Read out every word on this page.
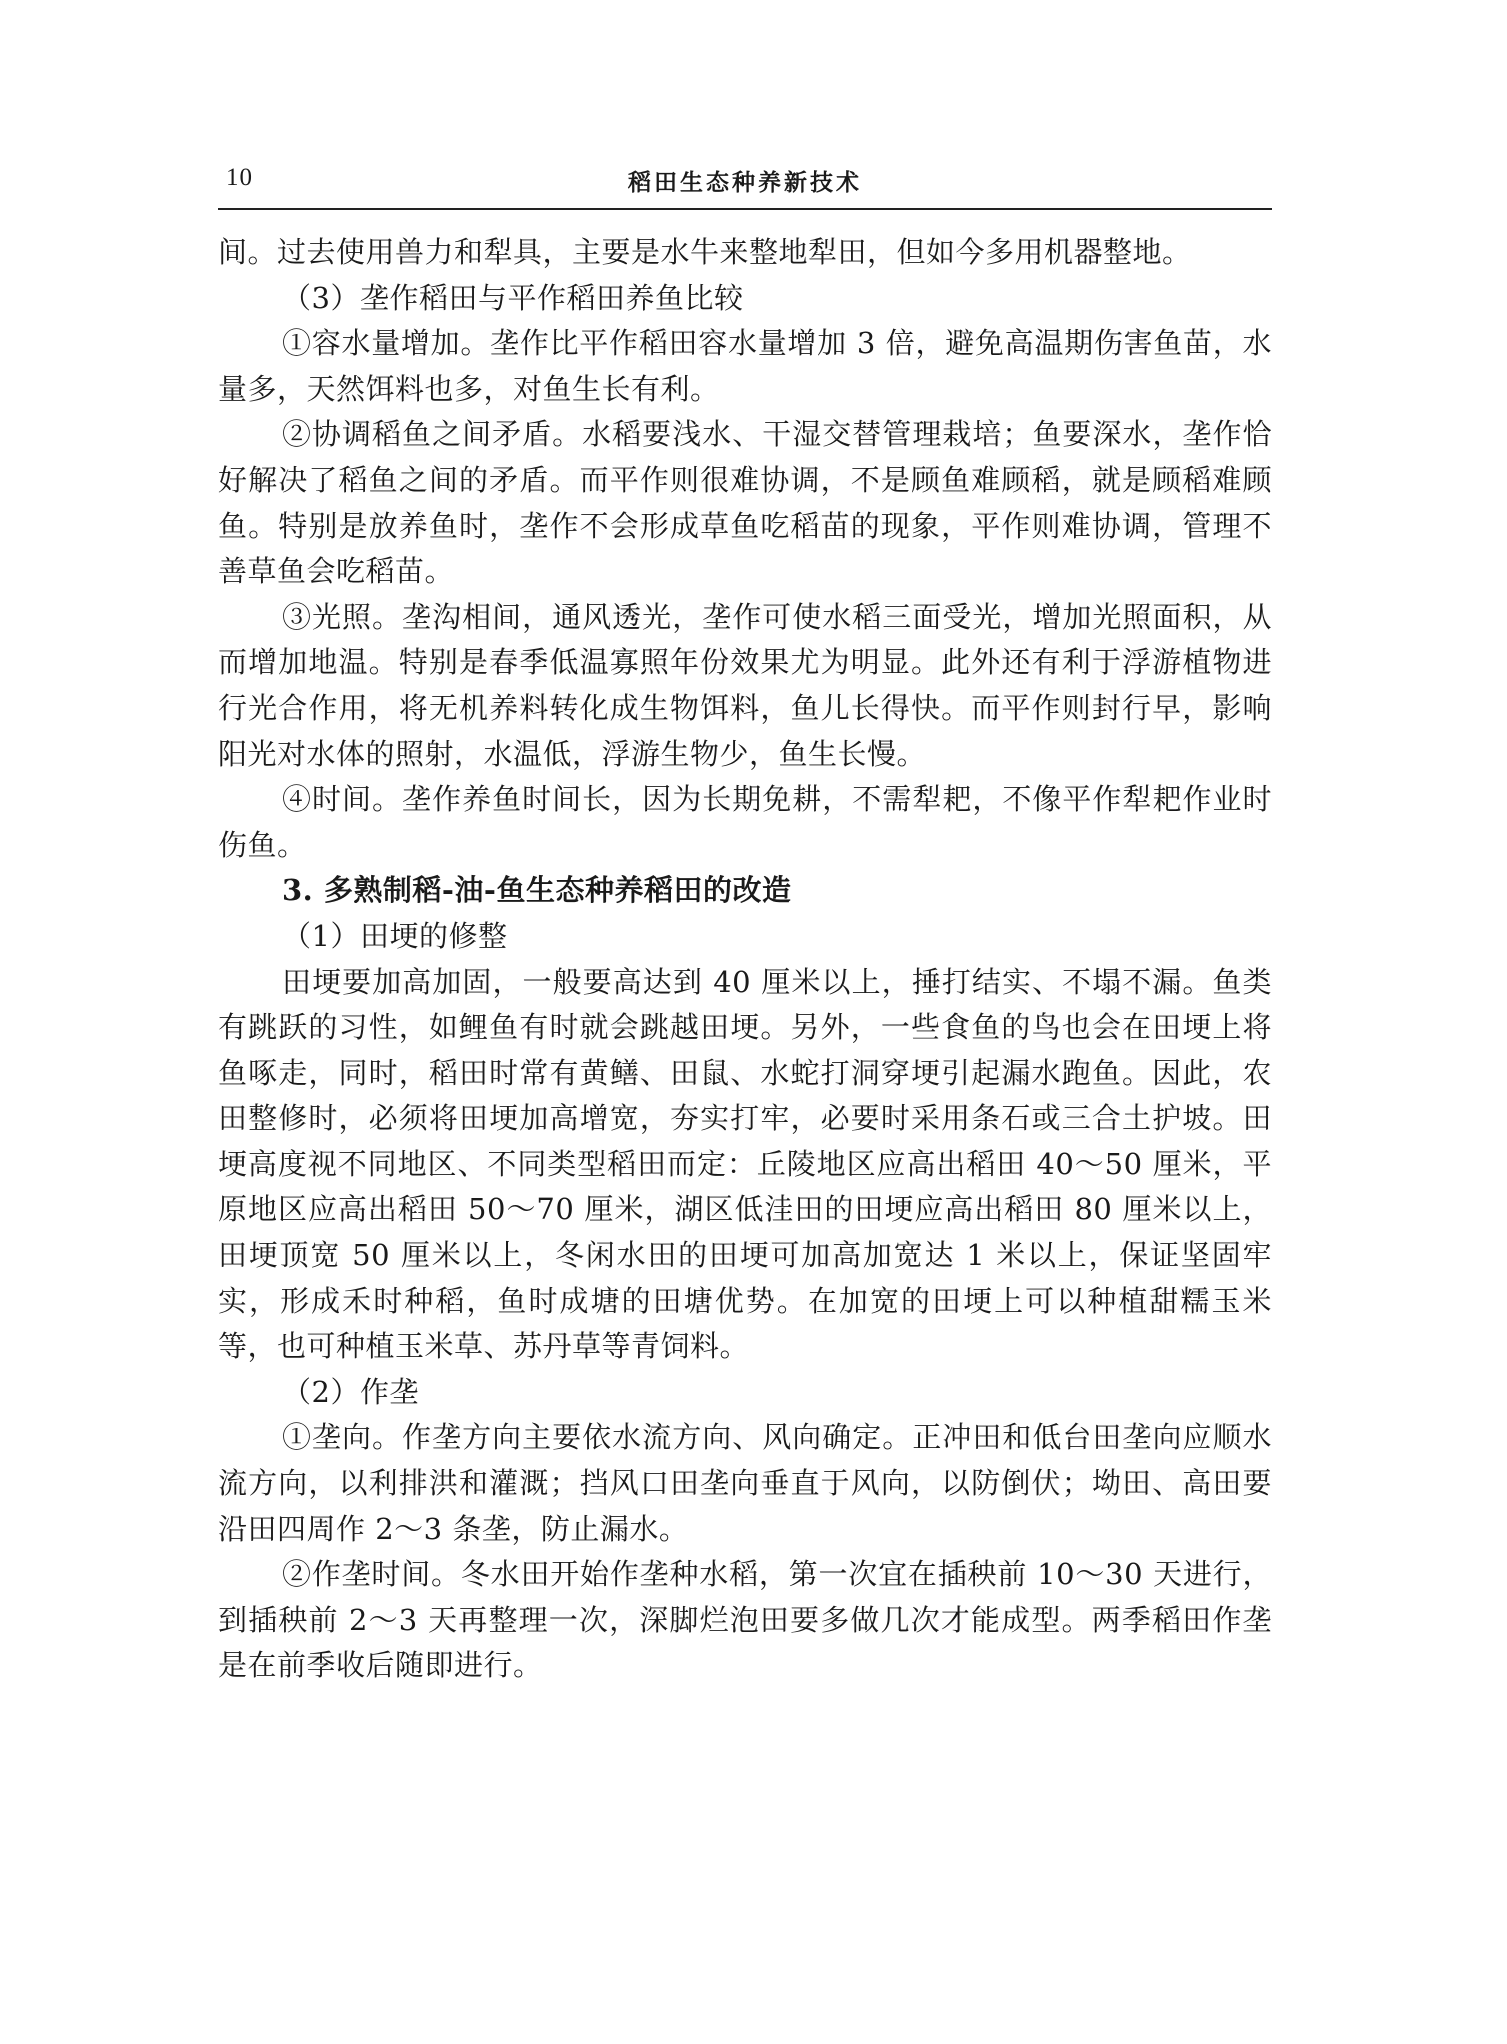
10	稻田生态种养新技术

间。过去使用兽力和犁具，主要是水牛来整地犁田，但如今多用机器整地。

（3）垄作稻田与平作稻田养鱼比较

①容水量增加。垄作比平作稻田容水量增加 3 倍，避免高温期伤害鱼苗，水量多，天然饵料也多，对鱼生长有利。

②协调稻鱼之间矛盾。水稻要浅水、干湿交替管理栽培；鱼要深水，垄作恰好解决了稻鱼之间的矛盾。而平作则很难协调，不是顾鱼难顾稻，就是顾稻难顾鱼。特别是放养鱼时，垄作不会形成草鱼吃稻苗的现象，平作则难协调，管理不善草鱼会吃稻苗。

③光照。垄沟相间，通风透光，垄作可使水稻三面受光，增加光照面积，从而增加地温。特别是春季低温寡照年份效果尤为明显。此外还有利于浮游植物进行光合作用，将无机养料转化成生物饵料，鱼儿长得快。而平作则封行早，影响阳光对水体的照射，水温低，浮游生物少，鱼生长慢。

④时间。垄作养鱼时间长，因为长期免耕，不需犁耙，不像平作犁耙作业时伤鱼。

3. 多熟制稻-油-鱼生态种养稻田的改造

（1）田埂的修整

田埂要加高加固，一般要高达到 40 厘米以上，捶打结实、不塌不漏。鱼类有跳跃的习性，如鲤鱼有时就会跳越田埂。另外，一些食鱼的鸟也会在田埂上将鱼啄走，同时，稻田时常有黄鳝、田鼠、水蛇打洞穿埂引起漏水跑鱼。因此，农田整修时，必须将田埂加高增宽，夯实打牢，必要时采用条石或三合土护坡。田埂高度视不同地区、不同类型稻田而定：丘陵地区应高出稻田 40～50 厘米，平原地区应高出稻田 50～70 厘米，湖区低洼田的田埂应高出稻田 80 厘米以上，田埂顶宽 50 厘米以上，冬闲水田的田埂可加高加宽达 1 米以上，保证坚固牢实，形成禾时种稻，鱼时成塘的田塘优势。在加宽的田埂上可以种植甜糯玉米等，也可种植玉米草、苏丹草等青饲料。

（2）作垄

①垄向。作垄方向主要依水流方向、风向确定。正冲田和低台田垄向应顺水流方向，以利排洪和灌溉；挡风口田垄向垂直于风向，以防倒伏；坳田、高田要沿田四周作 2～3 条垄，防止漏水。

②作垄时间。冬水田开始作垄种水稻，第一次宜在插秧前 10～30 天进行，到插秧前 2～3 天再整理一次，深脚烂泡田要多做几次才能成型。两季稻田作垄是在前季收后随即进行。
